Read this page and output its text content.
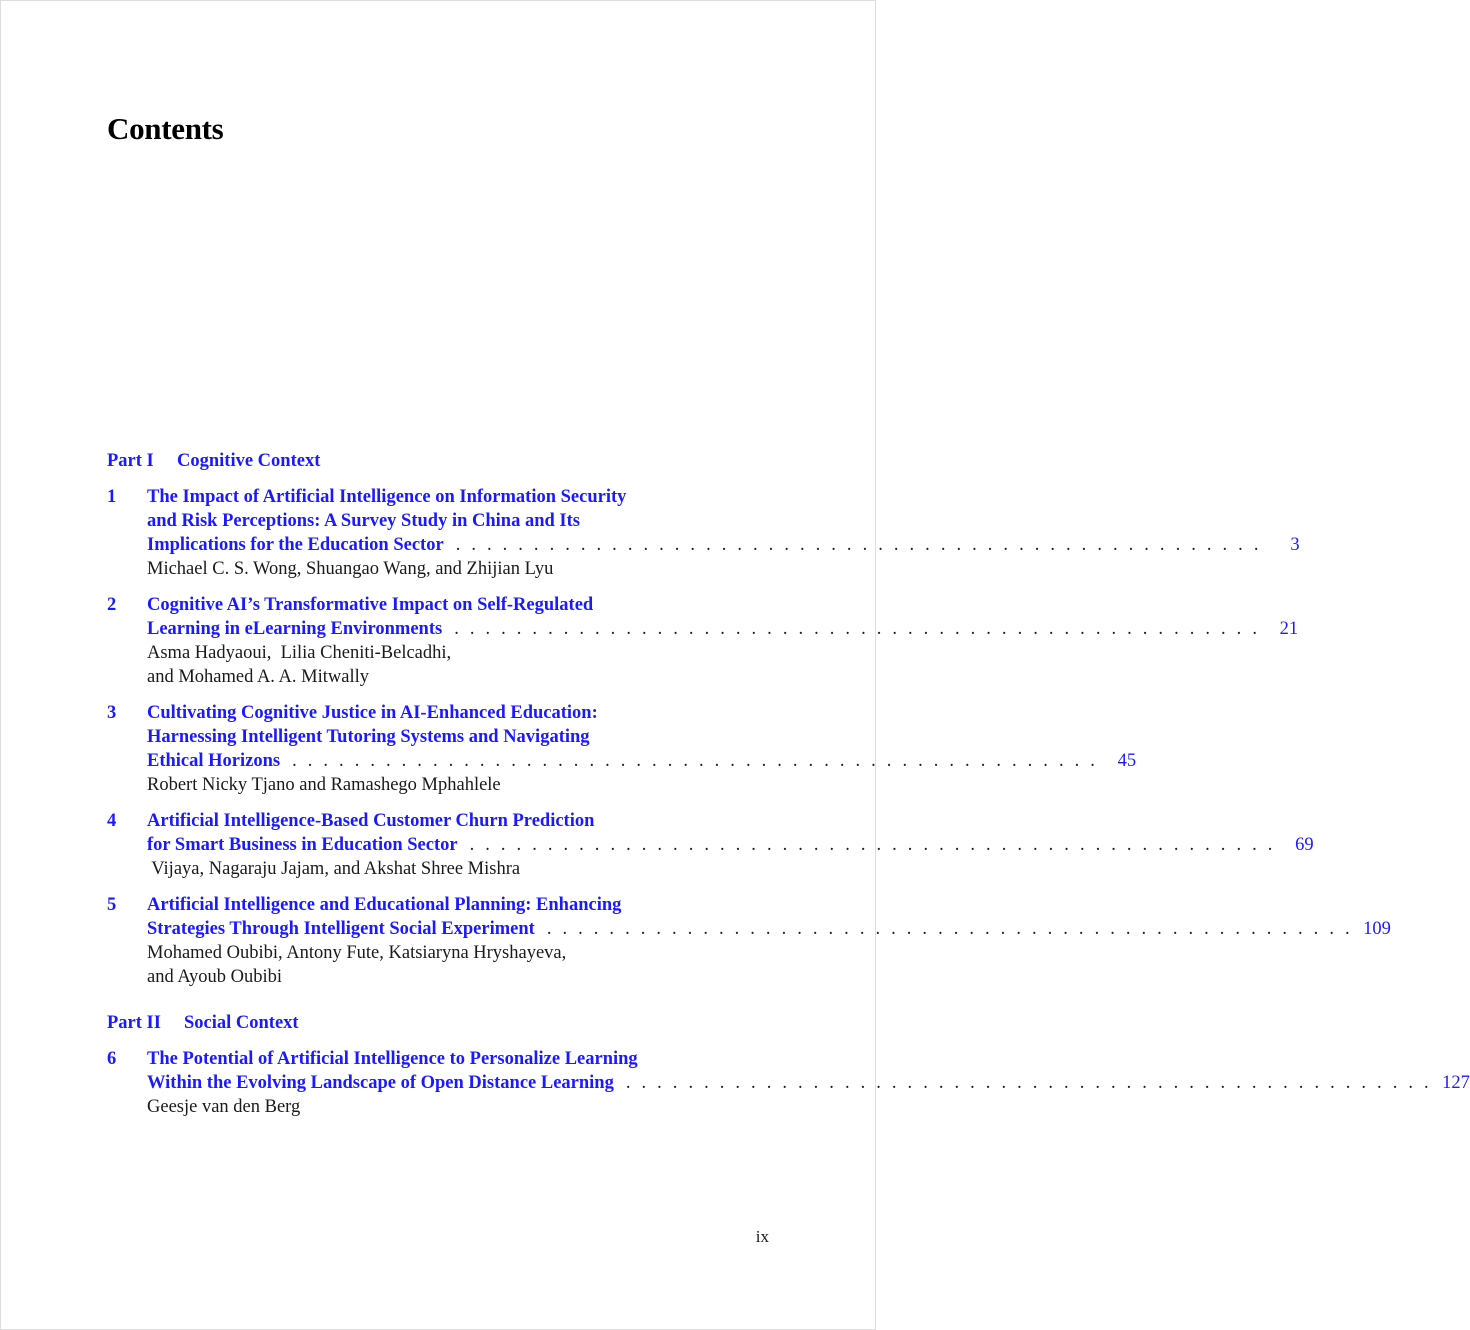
Contents
Part I Cognitive Context
1 The Impact of Artificial Intelligence on Information Security
and Risk Perceptions: A Survey Study in China and Its
Implications for the Education Sector . . . . . . . . . . . . . . . . . . . . . . . . . . . . . . . . . . . . . . . . . . . . . . . . . . . .	3
Michael C. S. Wong, Shuangao Wang, and Zhijian Lyu
2 Cognitive AI’s Transformative Impact on Self-Regulated
Learning in eLearning Environments . . . . . . . . . . . . . . . . . . . . . . . . . . . . . . . . . . . . . . . . . . . . . . . . . . . .	21
Asma Hadyaoui,  Lilia Cheniti-Belcadhi,
and Mohamed A. A. Mitwally
3 Cultivating Cognitive Justice in AI-Enhanced Education:
Harnessing Intelligent Tutoring Systems and Navigating
Ethical Horizons . . . . . . . . . . . . . . . . . . . . . . . . . . . . . . . . . . . . . . . . . . . . . . . . . . . .	45
Robert Nicky Tjano and Ramashego Mphahlele
4 Artificial Intelligence-Based Customer Churn Prediction
for Smart Business in Education Sector . . . . . . . . . . . . . . . . . . . . . . . . . . . . . . . . . . . . . . . . . . . . . . . . . . . .	69
Vijaya, Nagaraju Jajam, and Akshat Shree Mishra
5 Artificial Intelligence and Educational Planning: Enhancing
Strategies Through Intelligent Social Experiment . . . . . . . . . . . . . . . . . . . . . . . . . . . . . . . . . . . . . . . . . . . . . . . . . . . . 109
Mohamed Oubibi, Antony Fute, Katsiaryna Hryshayeva,
and Ayoub Oubibi
Part II Social Context
6 The Potential of Artificial Intelligence to Personalize Learning
Within the Evolving Landscape of Open Distance Learning . . . . . . . . . . . . . . . . . . . . . . . . . . . . . . . . . . . . . . . . . . . . . . . . . . . . 127
Geesje van den Berg
ix
